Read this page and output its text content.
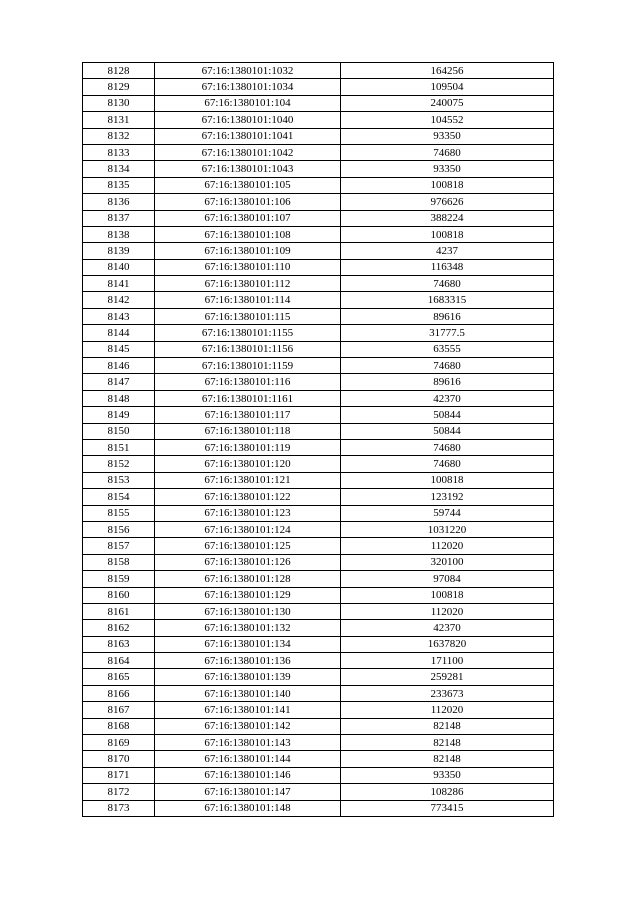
8128	67:16:1380101:1032	164256
8129	67:16:1380101:1034	109504
8130	67:16:1380101:104	240075
8131	67:16:1380101:1040	104552
8132	67:16:1380101:1041	93350
8133	67:16:1380101:1042	74680
8134	67:16:1380101:1043	93350
8135	67:16:1380101:105	100818
8136	67:16:1380101:106	976626
8137	67:16:1380101:107	388224
8138	67:16:1380101:108	100818
8139	67:16:1380101:109	4237
8140	67:16:1380101:110	116348
8141	67:16:1380101:112	74680
8142	67:16:1380101:114	1683315
8143	67:16:1380101:115	89616
8144	67:16:1380101:1155	31777.5
8145	67:16:1380101:1156	63555
8146	67:16:1380101:1159	74680
8147	67:16:1380101:116	89616
8148	67:16:1380101:1161	42370
8149	67:16:1380101:117	50844
8150	67:16:1380101:118	50844
8151	67:16:1380101:119	74680
8152	67:16:1380101:120	74680
8153	67:16:1380101:121	100818
8154	67:16:1380101:122	123192
8155	67:16:1380101:123	59744
8156	67:16:1380101:124	1031220
8157	67:16:1380101:125	112020
8158	67:16:1380101:126	320100
8159	67:16:1380101:128	97084
8160	67:16:1380101:129	100818
8161	67:16:1380101:130	112020
8162	67:16:1380101:132	42370
8163	67:16:1380101:134	1637820
8164	67:16:1380101:136	171100
8165	67:16:1380101:139	259281
8166	67:16:1380101:140	233673
8167	67:16:1380101:141	112020
8168	67:16:1380101:142	82148
8169	67:16:1380101:143	82148
8170	67:16:1380101:144	82148
8171	67:16:1380101:146	93350
8172	67:16:1380101:147	108286
8173	67:16:1380101:148	773415
